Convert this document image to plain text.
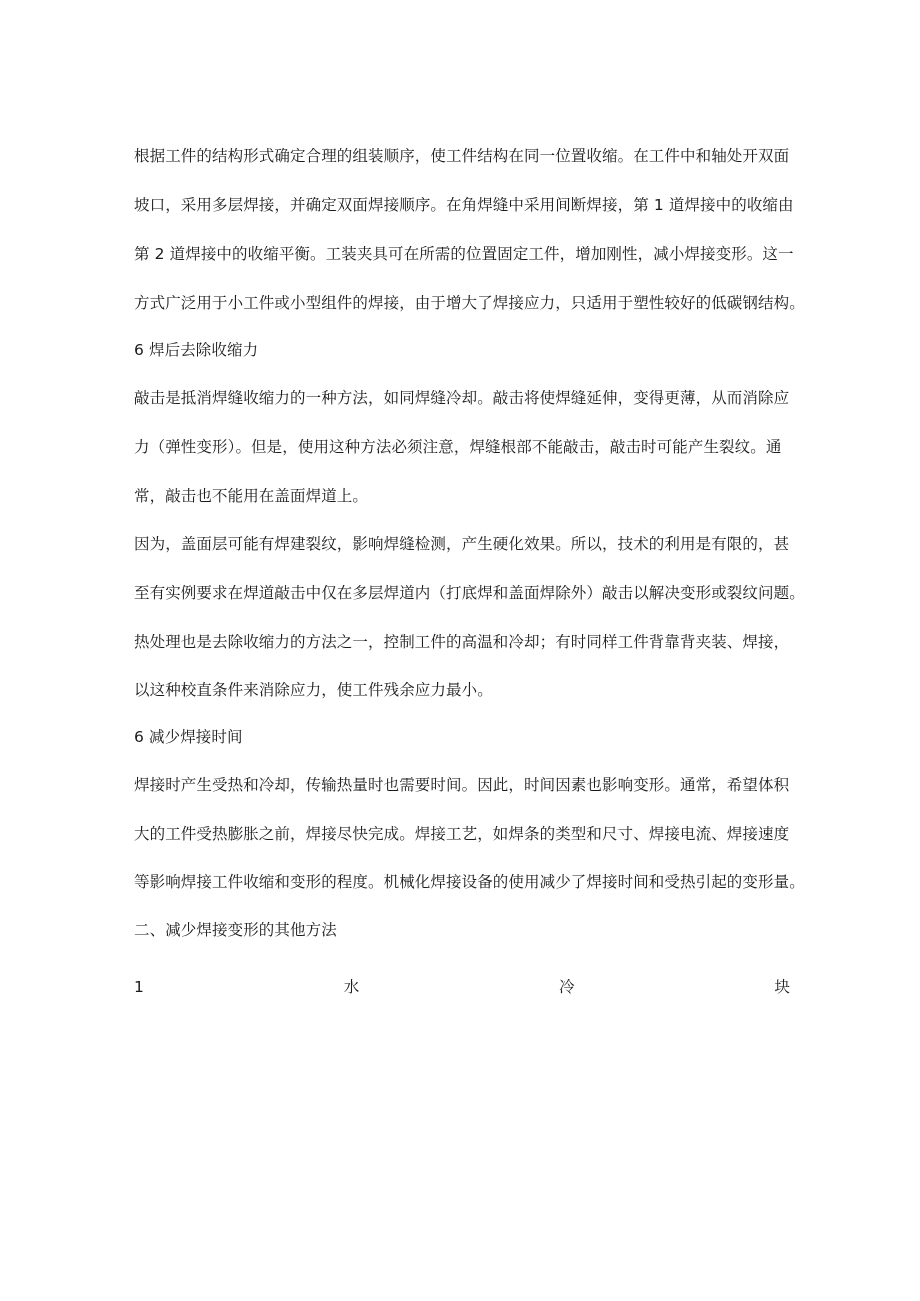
根据工件的结构形式确定合理的组装顺序，使工件结构在同一位置收缩。在工件中和轴处开双面
坡口，采用多层焊接，并确定双面焊接顺序。在角焊缝中采用间断焊接，第 1 道焊接中的收缩由
第 2 道焊接中的收缩平衡。工装夹具可在所需的位置固定工件，增加刚性，减小焊接变形。这一
方式广泛用于小工件或小型组件的焊接，由于增大了焊接应力，只适用于塑性较好的低碳钢结构。
6 焊后去除收缩力
敲击是抵消焊缝收缩力的一种方法，如同焊缝冷却。敲击将使焊缝延伸，变得更薄，从而消除应
力（弹性变形）。但是，使用这种方法必须注意，焊缝根部不能敲击，敲击时可能产生裂纹。通
常，敲击也不能用在盖面焊道上。
因为，盖面层可能有焊建裂纹，影响焊缝检测，产生硬化效果。所以，技术的利用是有限的，甚
至有实例要求在焊道敲击中仅在多层焊道内（打底焊和盖面焊除外）敲击以解决变形或裂纹问题。
热处理也是去除收缩力的方法之一，控制工件的高温和冷却；有时同样工件背靠背夹装、焊接，
以这种校直条件来消除应力，使工件残余应力最小。
6 减少焊接时间
焊接时产生受热和冷却，传输热量时也需要时间。因此，时间因素也影响变形。通常，希望体积
大的工件受热膨胀之前，焊接尽快完成。焊接工艺，如焊条的类型和尺寸、焊接电流、焊接速度
等影响焊接工件收缩和变形的程度。机械化焊接设备的使用减少了焊接时间和受热引起的变形量。
二、减少焊接变形的其他方法
1	水	冷	块
